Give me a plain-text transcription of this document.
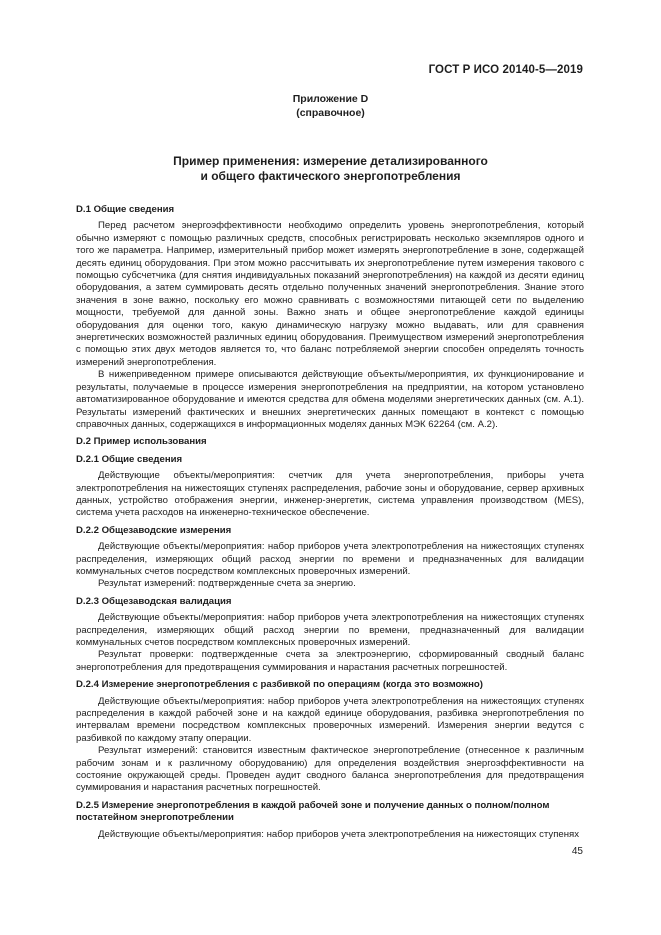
ГОСТ Р ИСО 20140-5—2019
Приложение D
(справочное)
Пример применения: измерение детализированного
и общего фактического энергопотребления
D.1 Общие сведения

Перед расчетом энергоэффективности необходимо определить уровень энергопотребления, который обычно измеряют с помощью различных средств, способных регистрировать несколько экземпляров одного и того же параметра. Например, измерительный прибор может измерять энергопотребление в зоне, содержащей десять единиц оборудования. При этом можно рассчитывать их энергопотребление путем измерения такового с помощью субсчетчика (для снятия индивидуальных показаний энергопотребления) на каждой из десяти единиц оборудования, а затем суммировать десять отдельно полученных значений энергопотребления. Знание этого значения в зоне важно, поскольку его можно сравнивать с возможностями питающей сети по выделению мощности, требуемой для данной зоны. Важно знать и общее энергопотребление каждой единицы оборудования для оценки того, какую динамическую нагрузку можно выдавать, или для сравнения энергетических возможностей различных единиц оборудования. Преимуществом измерений энергопотребления с помощью этих двух методов является то, что баланс потребляемой энергии способен определять точность измерений энергопотребления.

В нижеприведенном примере описываются действующие объекты/мероприятия, их функционирование и результаты, получаемые в процессе измерения энергопотребления на предприятии, на котором установлено автоматизированное оборудование и имеются средства для обмена моделями энергетических данных (см. А.1). Результаты измерений фактических и внешних энергетических данных помещают в контекст с помощью справочных данных, содержащихся в информационных моделях данных МЭК 62264 (см. А.2).

D.2 Пример использования
D.2.1 Общие сведения

Действующие объекты/мероприятия: счетчик для учета энергопотребления, приборы учета электропотребления на нижестоящих ступенях распределения, рабочие зоны и оборудование, сервер архивных данных, устройство отображения энергии, инженер-энергетик, система управления производством (MES), система учета расходов на инженерно-техническое обеспечение.

D.2.2 Общезаводские измерения

Действующие объекты/мероприятия: набор приборов учета электропотребления на нижестоящих ступенях распределения, измеряющих общий расход энергии по времени и предназначенных для валидации коммунальных счетов посредством комплексных проверочных измерений.

Результат измерений: подтвержденные счета за энергию.

D.2.3 Общезаводская валидация

Действующие объекты/мероприятия: набор приборов учета электропотребления на нижестоящих ступенях распределения, измеряющих общий расход энергии по времени, предназначенный для валидации коммунальных счетов посредством комплексных проверочных измерений.

Результат проверки: подтвержденные счета за электроэнергию, сформированный сводный баланс энергопотребления для предотвращения суммирования и нарастания расчетных погрешностей.

D.2.4 Измерение энергопотребления с разбивкой по операциям (когда это возможно)

Действующие объекты/мероприятия: набор приборов учета электропотребления на нижестоящих ступенях распределения в каждой рабочей зоне и на каждой единице оборудования, разбивка энергопотребления по интервалам времени посредством комплексных проверочных измерений. Измерения энергии ведутся с разбивкой по каждому этапу операции.

Результат измерений: становится известным фактическое энергопотребление (отнесенное к различным рабочим зонам и к различному оборудованию) для определения воздействия энергоэффективности на состояние окружающей среды. Проведен аудит сводного баланса энергопотребления для предотвращения суммирования и нарастания расчетных погрешностей.

D.2.5 Измерение энергопотребления в каждой рабочей зоне и получение данных о полном/полном постатейном энергопотреблении

Действующие объекты/мероприятия: набор приборов учета электропотребления на нижестоящих ступенях

45
